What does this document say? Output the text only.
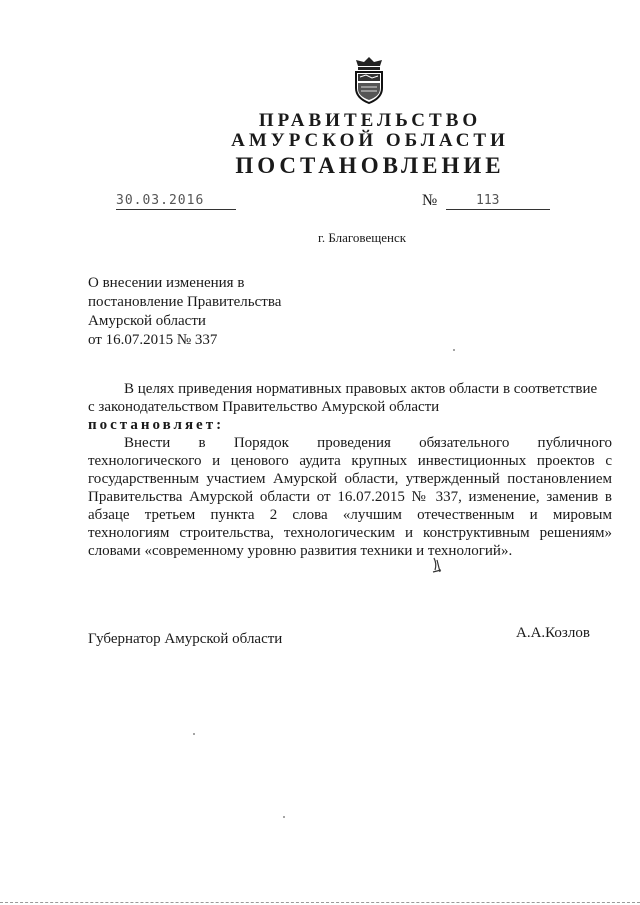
ПРАВИТЕЛЬСТВО
АМУРСКОЙ ОБЛАСТИ
ПОСТАНОВЛЕНИЕ
30.03.2016	№	113
г. Благовещенск
О внесении изменения в
постановление Правительства
Амурской области
от 16.07.2015 № 337
В целях приведения нормативных правовых актов области в соответствие
с законодательством Правительство Амурской области
постановляет:
Внести в Порядок проведения обязательного публичного
технологического и ценового аудита крупных инвестиционных проектов с
государственным участием Амурской области, утвержденный постановлением
Правительства Амурской области от 16.07.2015 № 337, изменение, заменив в
абзаце третьем пункта 2 слова «лучшим отечественным и мировым
технологиям строительства, технологическим и конструктивным решениям»
словами «современному уровню развития техники и технологий».
Губернатор Амурской области	А.А.Козлов
